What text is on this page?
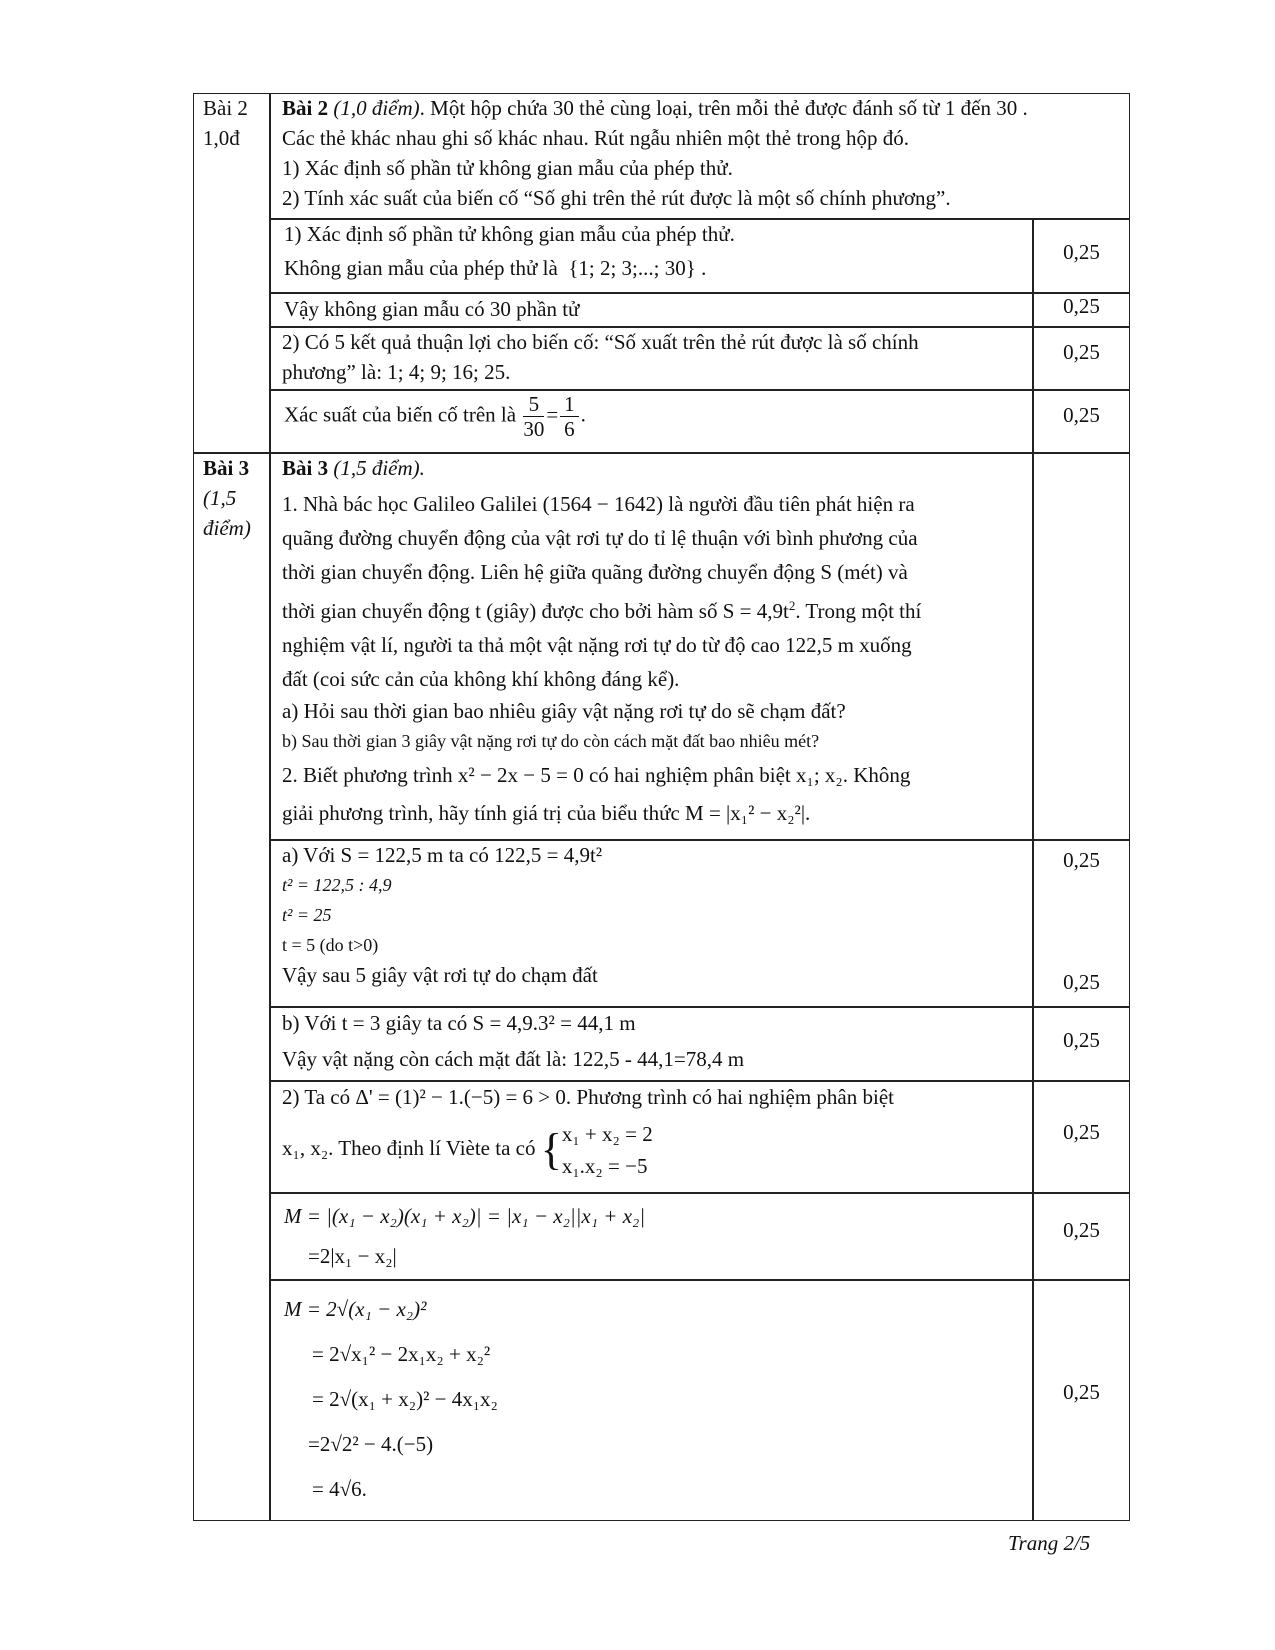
Bài 2
1,0đ
Bài 2 (1,0 điểm). Một hộp chứa 30 thẻ cùng loại, trên mỗi thẻ được đánh số từ 1 đến 30 .
Các thẻ khác nhau ghi số khác nhau. Rút ngẫu nhiên một thẻ trong hộp đó.
1) Xác định số phần tử không gian mẫu của phép thử.
2) Tính xác suất của biến cố “Số ghi trên thẻ rút được là một số chính phương”.
1) Xác định số phần tử không gian mẫu của phép thử.
Không gian mẫu của phép thử là {1; 2; 3;...; 30} .
0,25
Vậy không gian mẫu có 30 phần tử	0,25
2) Có 5 kết quả thuận lợi cho biến cố: “Số xuất trên thẻ rút được là số chính
phương” là: 1; 4; 9; 16; 25.
0,25
Xác suất của biến cố trên là $\frac{5}{30} = \frac{1}{6}$ .	0,25
Bài 3
(1,5
điểm)
Bài 3 (1,5 điểm).
1. Nhà bác học Galileo Galilei (1564 − 1642) là người đầu tiên phát hiện ra
quãng đường chuyển động của vật rơi tự do tỉ lệ thuận với bình phương của
thời gian chuyển động. Liên hệ giữa quãng đường chuyển động S (mét) và
thời gian chuyển động t (giây) được cho bởi hàm số $S = 4,9t^2$. Trong một thí
nghiệm vật lí, người ta thả một vật nặng rơi tự do từ độ cao 122,5 m xuống
đất (coi sức cản của không khí không đáng kể).
a) Hỏi sau thời gian bao nhiêu giây vật nặng rơi tự do sẽ chạm đất?
b) Sau thời gian 3 giây vật nặng rơi tự do còn cách mặt đất bao nhiêu mét?
2. Biết phương trình x² − 2x − 5 = 0 có hai nghiệm phân biệt x₁; x₂. Không
giải phương trình, hãy tính giá trị của biểu thức M = |x₁² − x₂²|.
a) Với S = 122,5 m ta có 122,5 = 4,9t²
t² = 122,5 : 4,9
t² = 25
t = 5 (do t>0)
Vậy sau 5 giây vật rơi tự do chạm đất
0,25
0,25
b) Với t = 3 giây ta có S = 4,9.3² = 44,1 m
Vậy vật nặng còn cách mặt đất là: 122,5 - 44,1=78,4 m
0,25
2) Ta có Δ' = (1)² − 1.(−5) = 6 > 0. Phương trình có hai nghiệm phân biệt
x₁, x₂. Theo định lí Viète ta có { x₁ + x₂ = 2
x₁.x₂ = −5
0,25
M = |(x₁ − x₂)(x₁ + x₂)| = |x₁ − x₂||x₁ + x₂|
=2|x₁ − x₂|
0,25
M = 2√(x₁ − x₂)²
= 2√x₁² − 2x₁x₂ + x₂²
= 2√(x₁ + x₂)² − 4x₁x₂
=2√2² − 4.(−5)
= 4√6.
0,25
Trang 2/5
